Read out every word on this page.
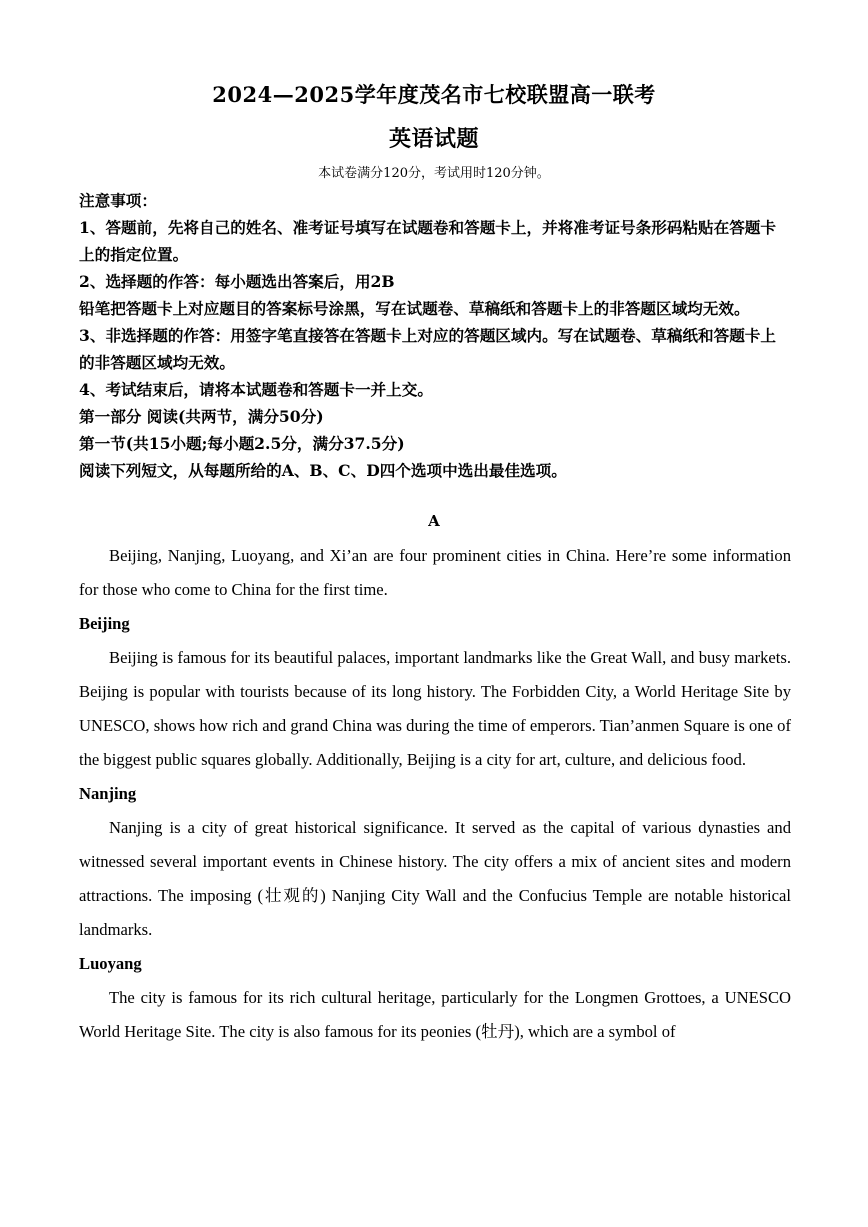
2024—2025学年度茂名市七校联盟高一联考
英语试题
本试卷满分120分，考试用时120分钟。
注意事项：
1、答题前，先将自己的姓名、准考证号填写在试题卷和答题卡上，并将准考证号条形码粘贴在答题卡上的指定位置。
2、选择题的作答：每小题选出答案后，用2B
铅笔把答题卡上对应题目的答案标号涂黑，写在试题卷、草稿纸和答题卡上的非答题区域均无效。
3、非选择题的作答：用签字笔直接答在答题卡上对应的答题区域内。写在试题卷、草稿纸和答题卡上的非答题区域均无效。
4、考试结束后，请将本试题卷和答题卡一并上交。
第一部分 阅读(共两节，满分50分)
第一节(共15小题;每小题2.5分，满分37.5分)
阅读下列短文，从每题所给的A、B、C、D四个选项中选出最佳选项。
A

Beijing, Nanjing, Luoyang, and Xi’an are four prominent cities in China. Here’re some information for those who come to China for the first time.

Beijing

Beijing is famous for its beautiful palaces, important landmarks like the Great Wall, and busy markets. Beijing is popular with tourists because of its long history. The Forbidden City, a World Heritage Site by UNESCO, shows how rich and grand China was during the time of emperors. Tian’anmen Square is one of the biggest public squares globally. Additionally, Beijing is a city for art, culture, and delicious food.

Nanjing

Nanjing is a city of great historical significance. It served as the capital of various dynasties and witnessed several important events in Chinese history. The city offers a mix of ancient sites and modern attractions. The imposing (壮观的) Nanjing City Wall and the Confucius Temple are notable historical landmarks.

Luoyang

The city is famous for its rich cultural heritage, particularly for the Longmen Grottoes, a UNESCO World Heritage Site. The city is also famous for its peonies (牡丹), which are a symbol of
